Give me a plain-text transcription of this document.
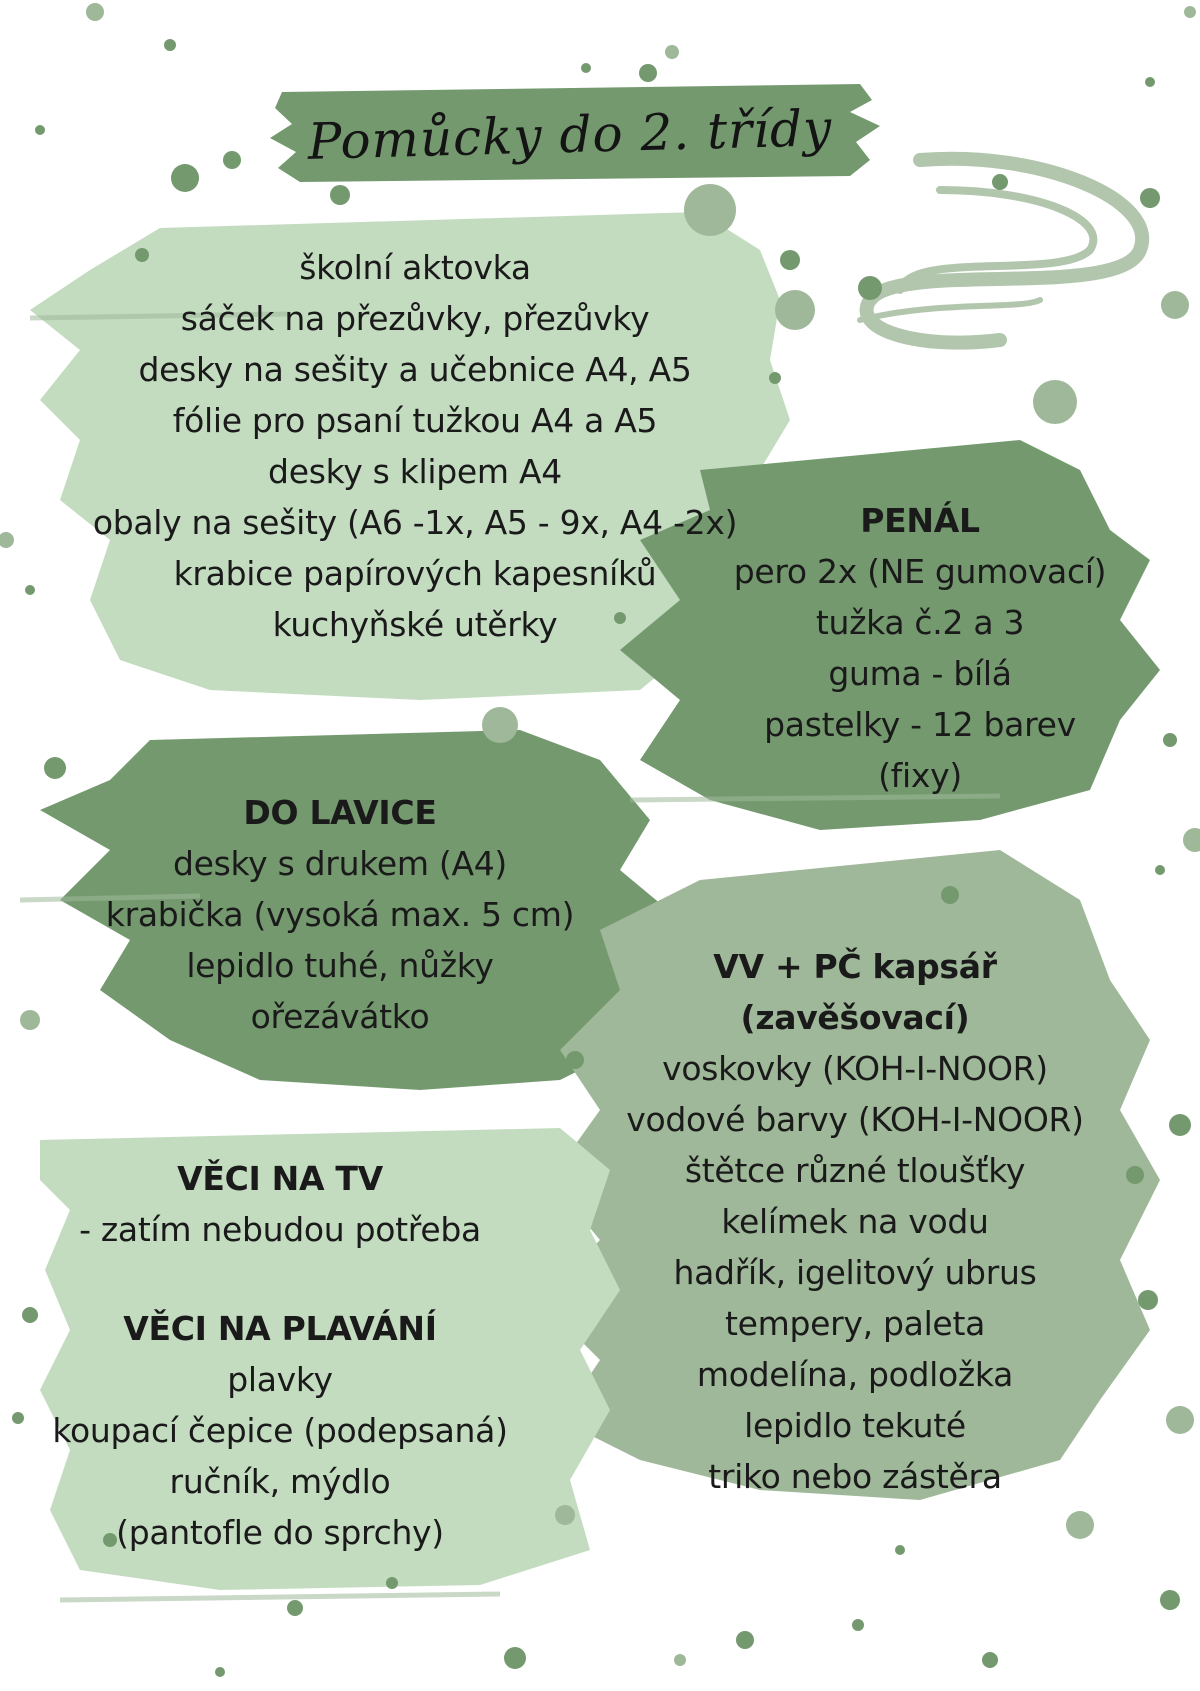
Pomůcky do 2. třídy
školní aktovka
sáček na přezůvky, přezůvky
desky na sešity a učebnice A4, A5
fólie pro psaní tužkou A4 a A5
desky s klipem A4
obaly na sešity (A6 -1x, A5 - 9x, A4 -2x)
krabice papírových kapesníků
kuchyňské utěrky
PENÁL
pero 2x (NE gumovací)
tužka č.2 a 3
guma - bílá
pastelky - 12 barev
(fixy)
DO LAVICE
desky s drukem (A4)
krabička (vysoká max. 5 cm)
lepidlo tuhé, nůžky
ořezávátko
VV + PČ kapsář
(zavěšovací)
voskovky (KOH-I-NOOR)
vodové barvy (KOH-I-NOOR)
štětce různé tloušťky
kelímek na vodu
hadřík, igelitový ubrus
tempery, paleta
modelína, podložka
lepidlo tekuté
triko nebo zástěra
VĚCI NA TV
- zatím nebudou potřeba
VĚCI NA PLAVÁNÍ
plavky
koupací čepice (podepsaná)
ručník, mýdlo
(pantofle do sprchy)
